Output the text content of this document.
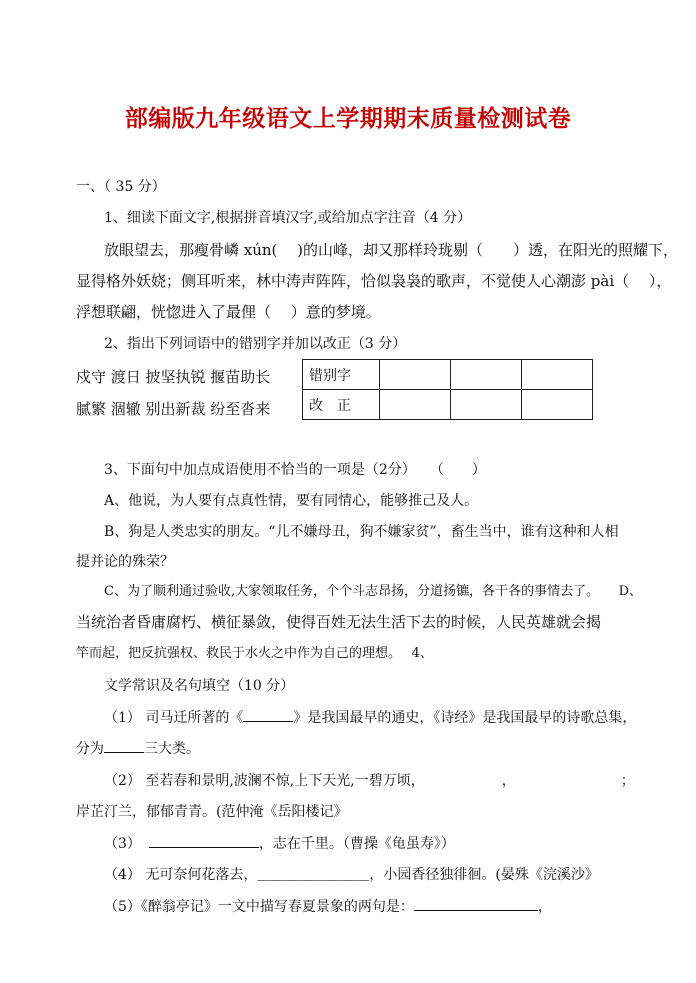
部编版九年级语文上学期期末质量检测试卷
一、（ 35 分）
1、细读下面文字,根据拼音填汉字,或给加点字注音（4 分）
放眼望去，那瘦骨嶙 xún(　 )的山峰，却又那样玲珑剔（　　）透，在阳光的照耀下，
显得格外妖娆；侧耳听来，林中涛声阵阵，恰似袅袅的歌声，不觉使人心潮澎 pài（　 ），
浮想联翩，恍惚进入了最俚（　 ）意的梦境。
2、指出下列词语中的错别字并加以改正（3 分）
戍守 渡日 披坚执锐 揠苗助长
腻繁 涸辙 别出新裁 纷至沓来
错别字			
改　正			
3、下面句中加点成语使用不恰当的一项是（2分）　　（　　）
A、他说，为人要有点真性情，要有同情心，能够推己及人。
B、狗是人类忠实的朋友。“儿不嫌母丑，狗不嫌家贫”，畜生当中，谁有这种和人相
提并论的殊荣？
C、为了顺利通过验收,大家领取任务，个个斗志昂扬，分道扬镳，各干各的事情去了。　　D、
当统治者昏庸腐朽、横征暴敛，使得百姓无法生活下去的时候，人民英雄就会揭
竿而起，把反抗强权、救民于水火之中作为自己的理想。　 4、
文学常识及名句填空（10 分）
（1） 司马迁所著的《	》是我国最早的通史，《诗经》是我国最早的诗歌总集，
分为	三大类。
（2） 至若春和景明,波澜不惊,上下天光,一碧万顷，　　　　　　，　　　　　　　　；
岸芷汀兰，郁郁青青。(范仲淹《岳阳楼记》
（3）	，志在千里。（曹操《龟虽寿》）
（4） 无可奈何花落去，＿＿＿＿＿＿＿＿，小园香径独徘徊。(晏殊《浣溪沙》
（5）《醉翁亭记》一文中描写春夏景象的两句是：	，
